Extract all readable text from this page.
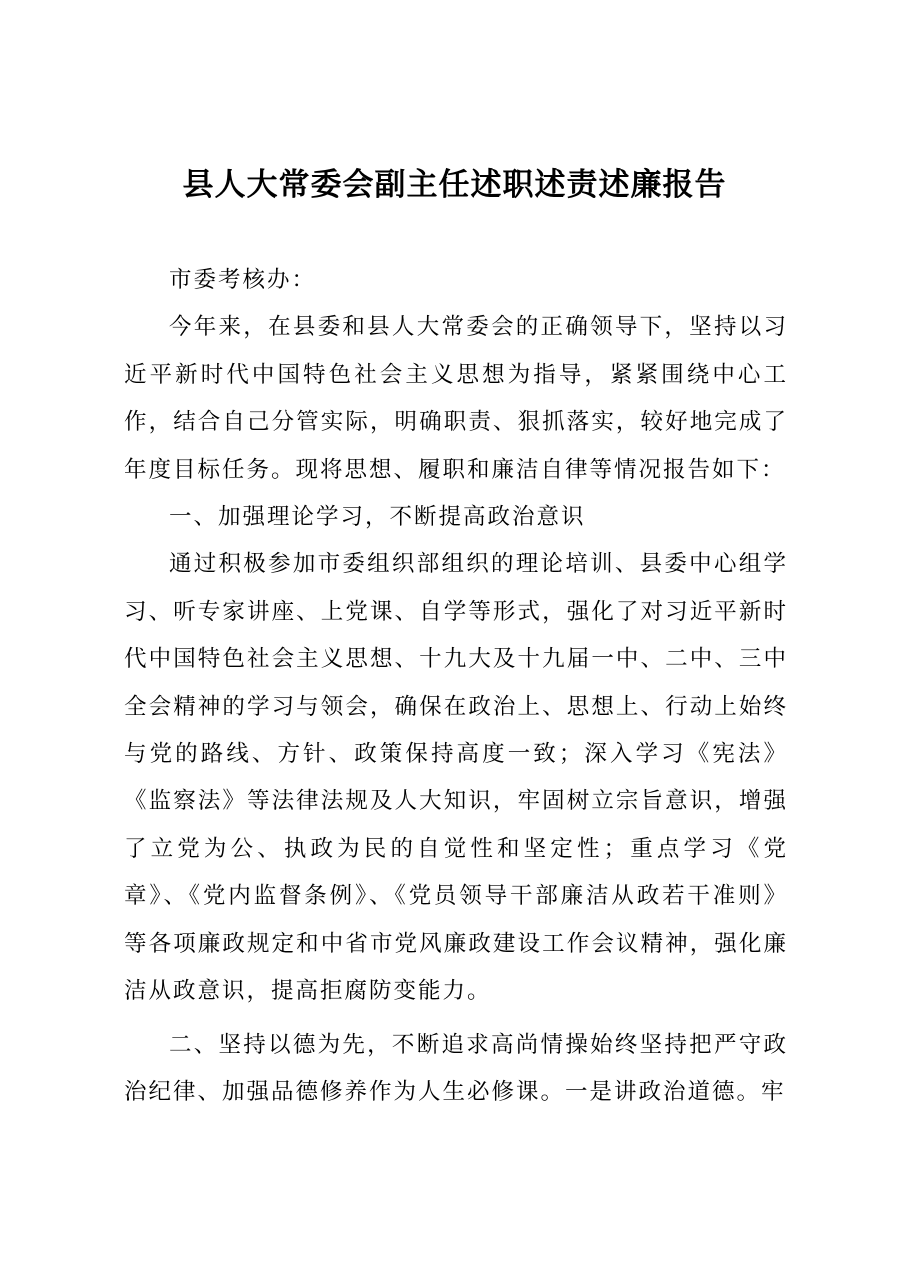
县人大常委会副主任述职述责述廉报告

市委考核办：

今年来，在县委和县人大常委会的正确领导下，坚持以习近平新时代中国特色社会主义思想为指导，紧紧围绕中心工作，结合自己分管实际，明确职责、狠抓落实，较好地完成了年度目标任务。现将思想、履职和廉洁自律等情况报告如下：

一、加强理论学习，不断提高政治意识

通过积极参加市委组织部组织的理论培训、县委中心组学习、听专家讲座、上党课、自学等形式，强化了对习近平新时代中国特色社会主义思想、十九大及十九届一中、二中、三中全会精神的学习与领会，确保在政治上、思想上、行动上始终与党的路线、方针、政策保持高度一致；深入学习《宪法》《监察法》等法律法规及人大知识，牢固树立宗旨意识，增强了立党为公、执政为民的自觉性和坚定性；重点学习《党章》、《党内监督条例》、《党员领导干部廉洁从政若干准则》等各项廉政规定和中省市党风廉政建设工作会议精神，强化廉洁从政意识，提高拒腐防变能力。

二、坚持以德为先，不断追求高尚情操始终坚持把严守政治纪律、加强品德修养作为人生必修课。一是讲政治道德。牢
